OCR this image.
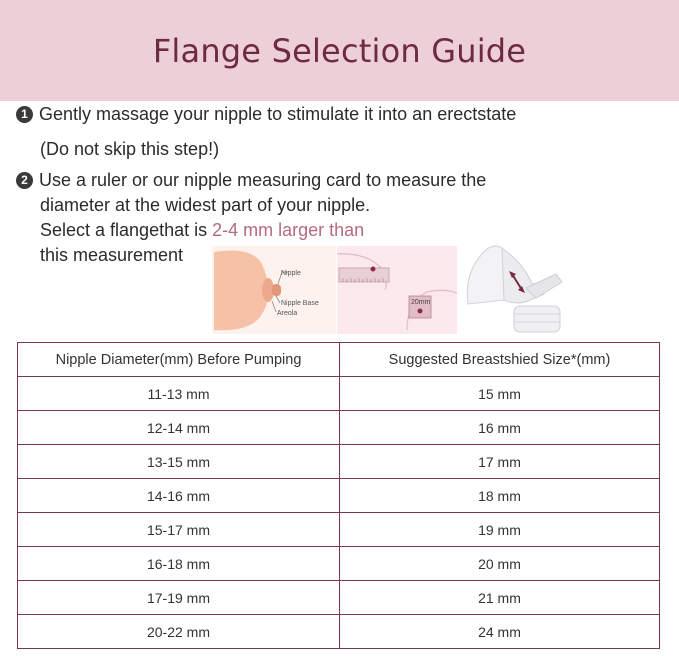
Flange Selection Guide
1 Gently massage your nipple to stimulate it into an erectstate
(Do not skip this step!)
2 Use a ruler or our nipple measuring card to measure the
diameter at the widest part of your nipple.
Select a flangethat is 2-4 mm larger than
this measurement
Nipple
Nipple Base
Areola
20mm
Nipple Diameter(mm) Before Pumping	Suggested Breastshied Size*(mm)
11-13 mm	15 mm
12-14 mm	16 mm
13-15 mm	17 mm
14-16 mm	18 mm
15-17 mm	19 mm
16-18 mm	20 mm
17-19 mm	21 mm
20-22 mm	24 mm
